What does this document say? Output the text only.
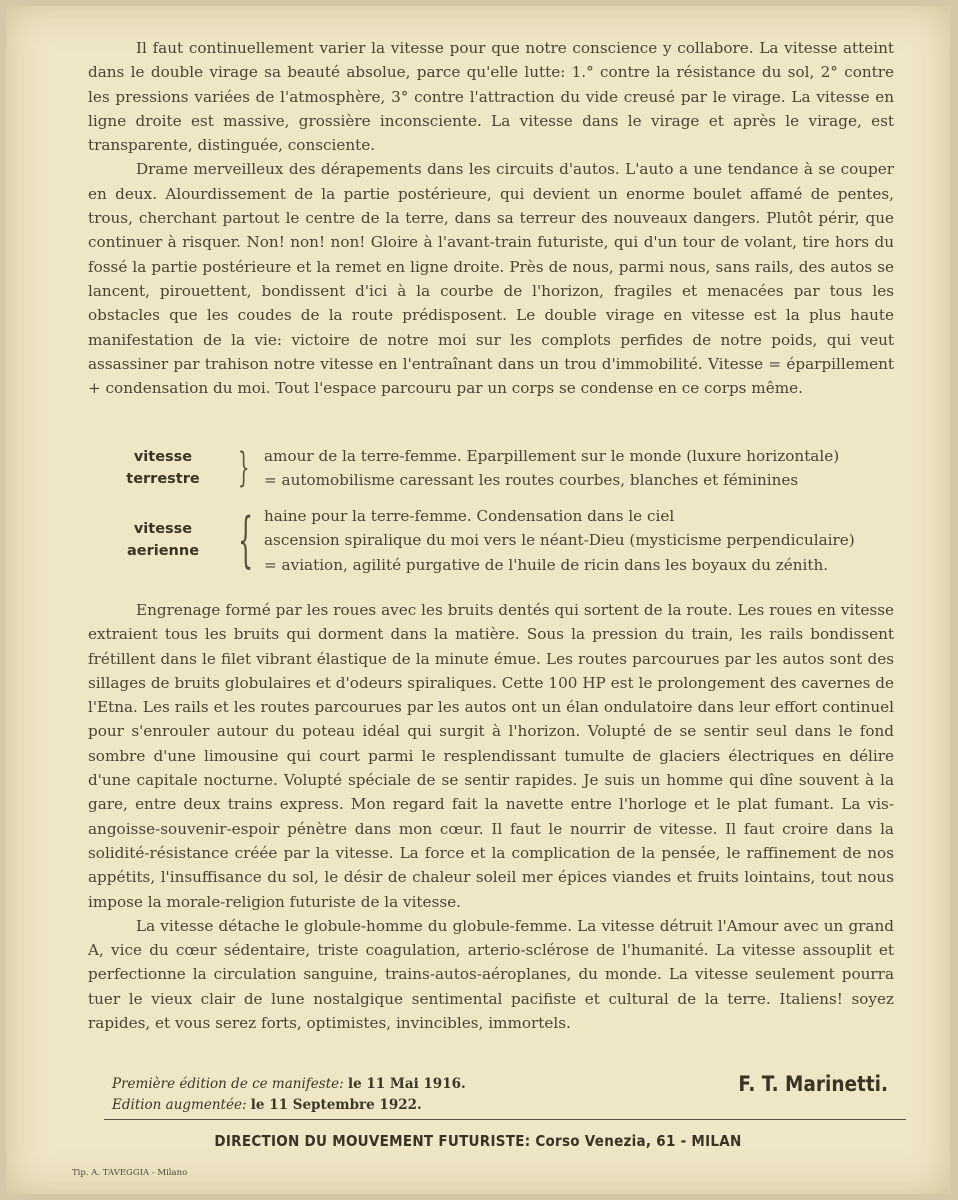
Il faut continuellement varier la vitesse pour que notre conscience y collabore. La vitesse atteint dans le double virage sa beauté absolue, parce qu'elle lutte: 1.° contre la résistance du sol, 2° contre les pressions variées de l'atmosphère, 3° contre l'attraction du vide creusé par le virage. La vitesse en ligne droite est massive, grossière inconsciente. La vitesse dans le virage et après le virage, est transparente, distinguée, consciente.

Drame merveilleux des dérapements dans les circuits d'autos. L'auto a une tendance à se couper en deux. Alourdissement de la partie postérieure, qui devient un enorme boulet affamé de pentes, trous, cherchant partout le centre de la terre, dans sa terreur des nouveaux dangers. Plutôt périr, que continuer à risquer. Non! non! non! Gloire à l'avant-train futuriste, qui d'un tour de volant, tire hors du fossé la partie postérieure et la remet en ligne droite. Près de nous, parmi nous, sans rails, des autos se lancent, pirouettent, bondissent d'ici à la courbe de l'horizon, fragiles et menacées par tous les obstacles que les coudes de la route prédisposent. Le double virage en vitesse est la plus haute manifestation de la vie: victoire de notre moi sur les complots perfides de notre poids, qui veut assassiner par trahison notre vitesse en l'entraînant dans un trou d'immobilité. Vitesse = éparpillement + condensation du moi. Tout l'espace parcouru par un corps se condense en ce corps même.

vitesse
terrestre } amour de la terre-femme. Eparpillement sur le monde (luxure horizontale)
= automobilisme caressant les routes courbes, blanches et féminines
vitesse
aerienne { haine pour la terre-femme. Condensation dans le ciel
ascension spiralique du moi vers le néant-Dieu (mysticisme perpendiculaire)
= aviation, agilité purgative de l'huile de ricin dans les boyaux du zénith.

Engrenage formé par les roues avec les bruits dentés qui sortent de la route. Les roues en vitesse extraient tous les bruits qui dorment dans la matière. Sous la pression du train, les rails bondissent frétillent dans le filet vibrant élastique de la minute émue. Les routes parcourues par les autos sont des sillages de bruits globulaires et d'odeurs spiraliques. Cette 100 HP est le prolongement des cavernes de l'Etna. Les rails et les routes parcourues par les autos ont un élan ondulatoire dans leur effort continuel pour s'enrouler autour du poteau idéal qui surgit à l'horizon. Volupté de se sentir seul dans le fond sombre d'une limousine qui court parmi le resplendissant tumulte de glaciers électriques en délire d'une capitale nocturne. Volupté spéciale de se sentir rapides. Je suis un homme qui dîne souvent à la gare, entre deux trains express. Mon regard fait la navette entre l'horloge et le plat fumant. La vis-angoisse-souvenir-espoir pénètre dans mon cœur. Il faut le nourrir de vitesse. Il faut croire dans la solidité-résistance créée par la vitesse. La force et la complication de la pensée, le raffinement de nos appétits, l'insuffisance du sol, le désir de chaleur soleil mer épices viandes et fruits lointains, tout nous impose la morale-religion futuriste de la vitesse.

La vitesse détache le globule-homme du globule-femme. La vitesse détruit l'Amour avec un grand A, vice du cœur sédentaire, triste coagulation, arterio-sclérose de l'humanité. La vitesse assouplit et perfectionne la circulation sanguine, trains-autos-aéroplanes, du monde. La vitesse seulement pourra tuer le vieux clair de lune nostalgique sentimental pacifiste et cultural de la terre. Italiens! soyez rapides, et vous serez forts, optimistes, invincibles, immortels.

Première édition de ce manifeste: le 11 Mai 1916.
Edition augmentée: le 11 Septembre 1922.
F. T. Marinetti.
DIRECTION DU MOUVEMENT FUTURISTE: Corso Venezia, 61 - MILAN
Tip. A. TAVEGGIA - Milano
